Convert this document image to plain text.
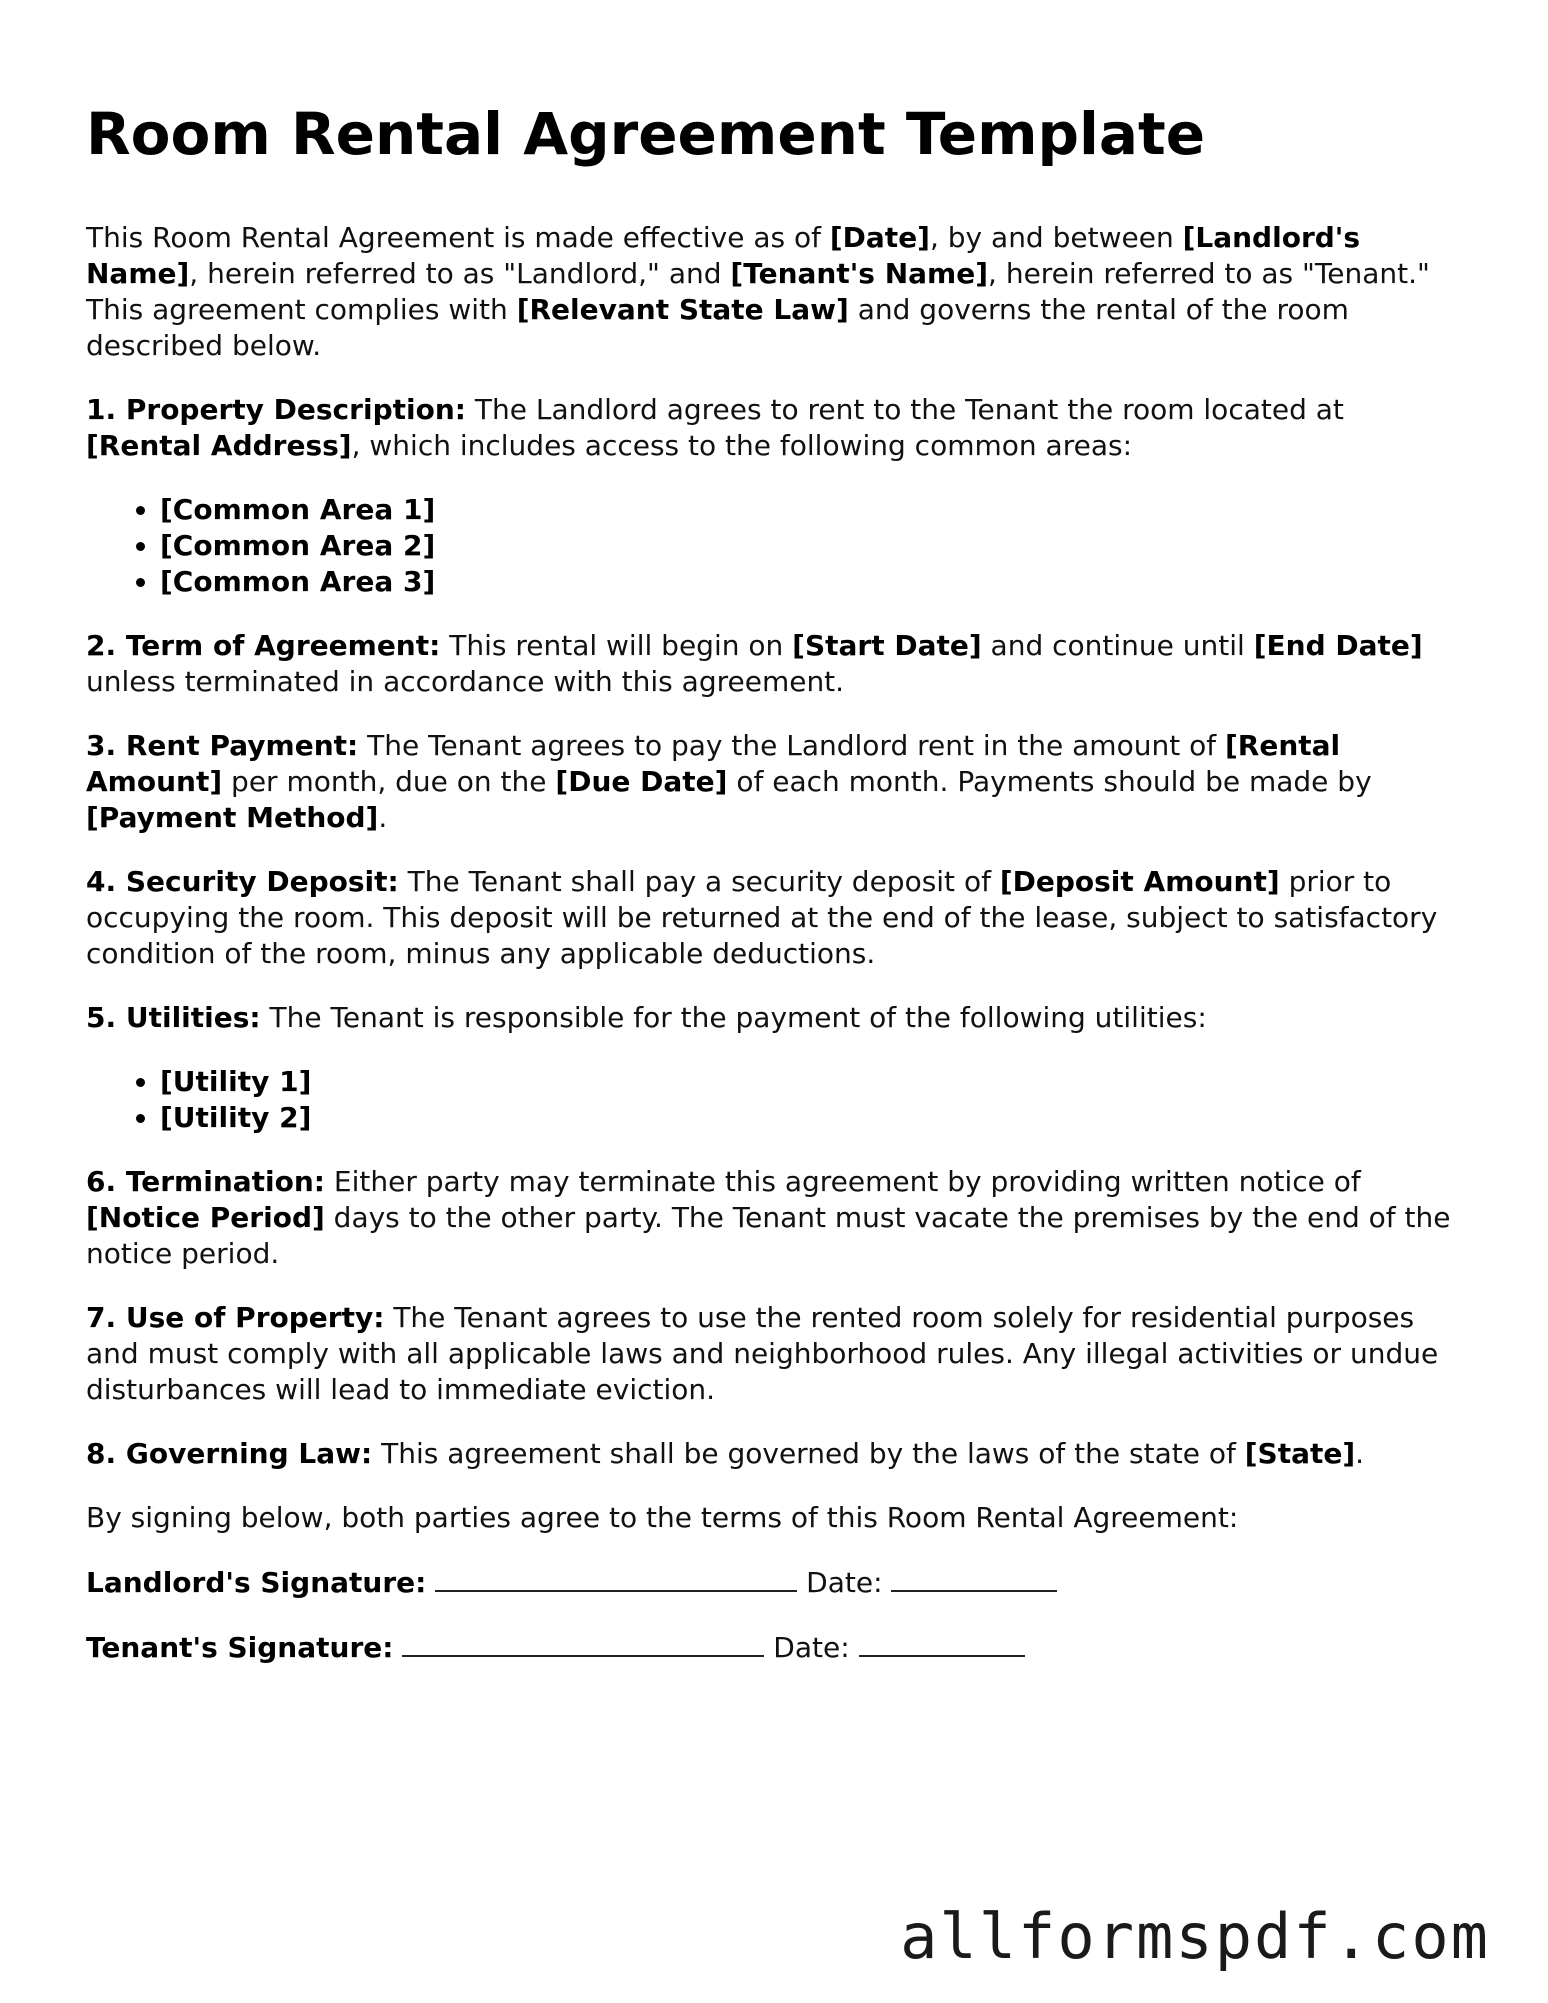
Room Rental Agreement Template

This Room Rental Agreement is made effective as of [Date], by and between [Landlord's Name], herein referred to as "Landlord," and [Tenant's Name], herein referred to as "Tenant." This agreement complies with [Relevant State Law] and governs the rental of the room described below.

1. Property Description: The Landlord agrees to rent to the Tenant the room located at [Rental Address], which includes access to the following common areas:

• [Common Area 1]
• [Common Area 2]
• [Common Area 3]

2. Term of Agreement: This rental will begin on [Start Date] and continue until [End Date] unless terminated in accordance with this agreement.

3. Rent Payment: The Tenant agrees to pay the Landlord rent in the amount of [Rental Amount] per month, due on the [Due Date] of each month. Payments should be made by [Payment Method].

4. Security Deposit: The Tenant shall pay a security deposit of [Deposit Amount] prior to occupying the room. This deposit will be returned at the end of the lease, subject to satisfactory condition of the room, minus any applicable deductions.

5. Utilities: The Tenant is responsible for the payment of the following utilities:

• [Utility 1]
• [Utility 2]

6. Termination: Either party may terminate this agreement by providing written notice of [Notice Period] days to the other party. The Tenant must vacate the premises by the end of the notice period.

7. Use of Property: The Tenant agrees to use the rented room solely for residential purposes and must comply with all applicable laws and neighborhood rules. Any illegal activities or undue disturbances will lead to immediate eviction.

8. Governing Law: This agreement shall be governed by the laws of the state of [State].

By signing below, both parties agree to the terms of this Room Rental Agreement:

Landlord's Signature:	Date:

Tenant's Signature:	Date:

allformspdf.com
